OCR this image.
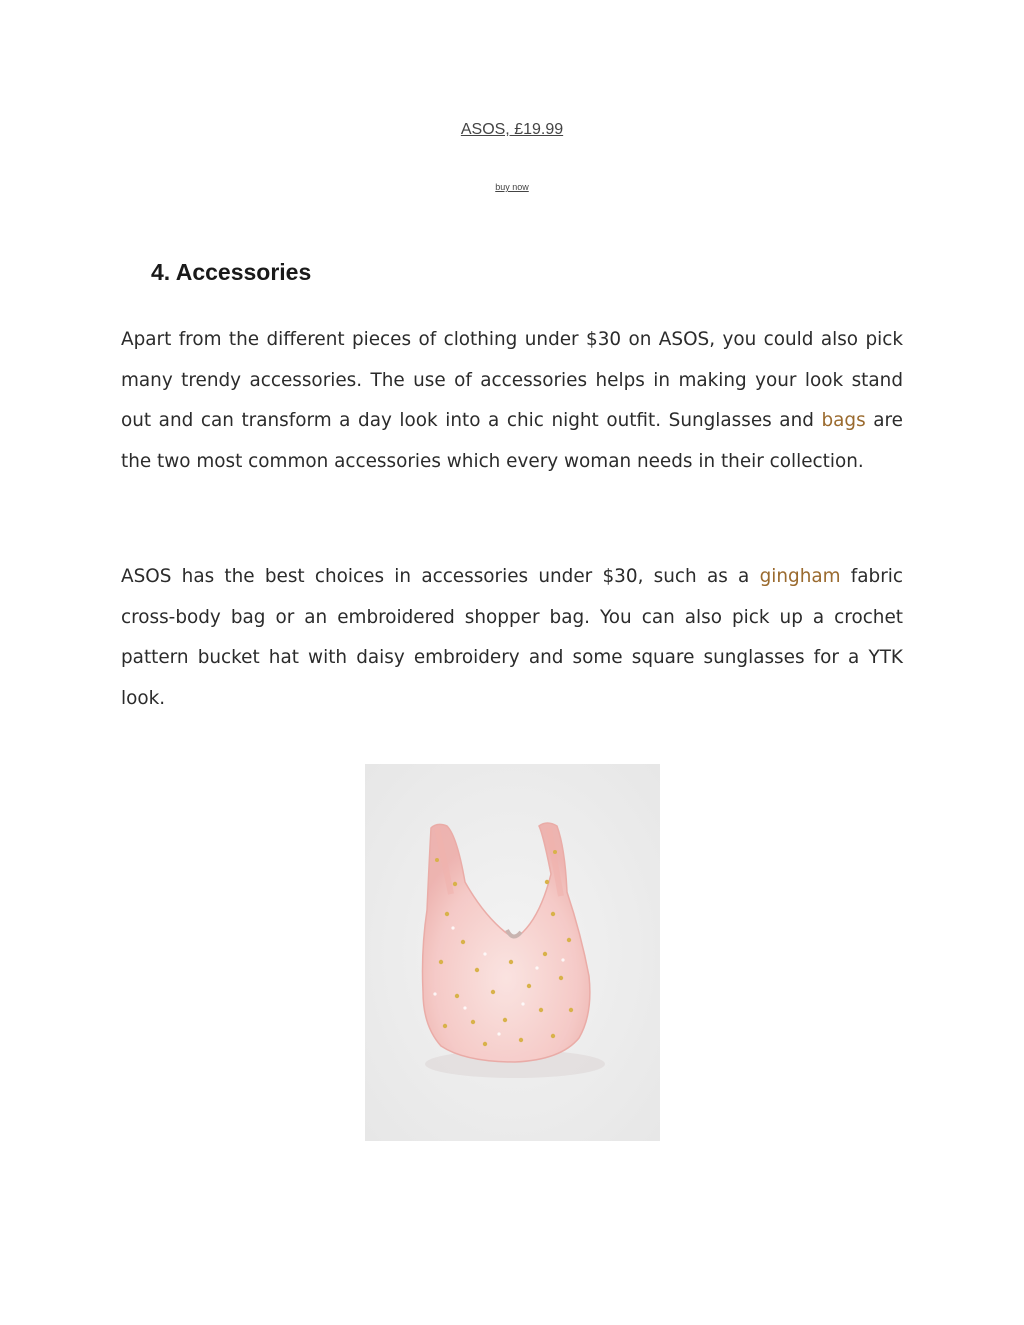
ASOS, £19.99
buy now
4. Accessories

Apart from the different pieces of clothing under $30 on ASOS, you could also pick many trendy accessories. The use of accessories helps in making your look stand out and can transform a day look into a chic night outfit. Sunglasses and bags are the two most common accessories which every woman needs in their collection.

ASOS has the best choices in accessories under $30, such as a gingham fabric cross-body bag or an embroidered shopper bag. You can also pick up a crochet pattern bucket hat with daisy embroidery and some square sunglasses for a YTK look.
